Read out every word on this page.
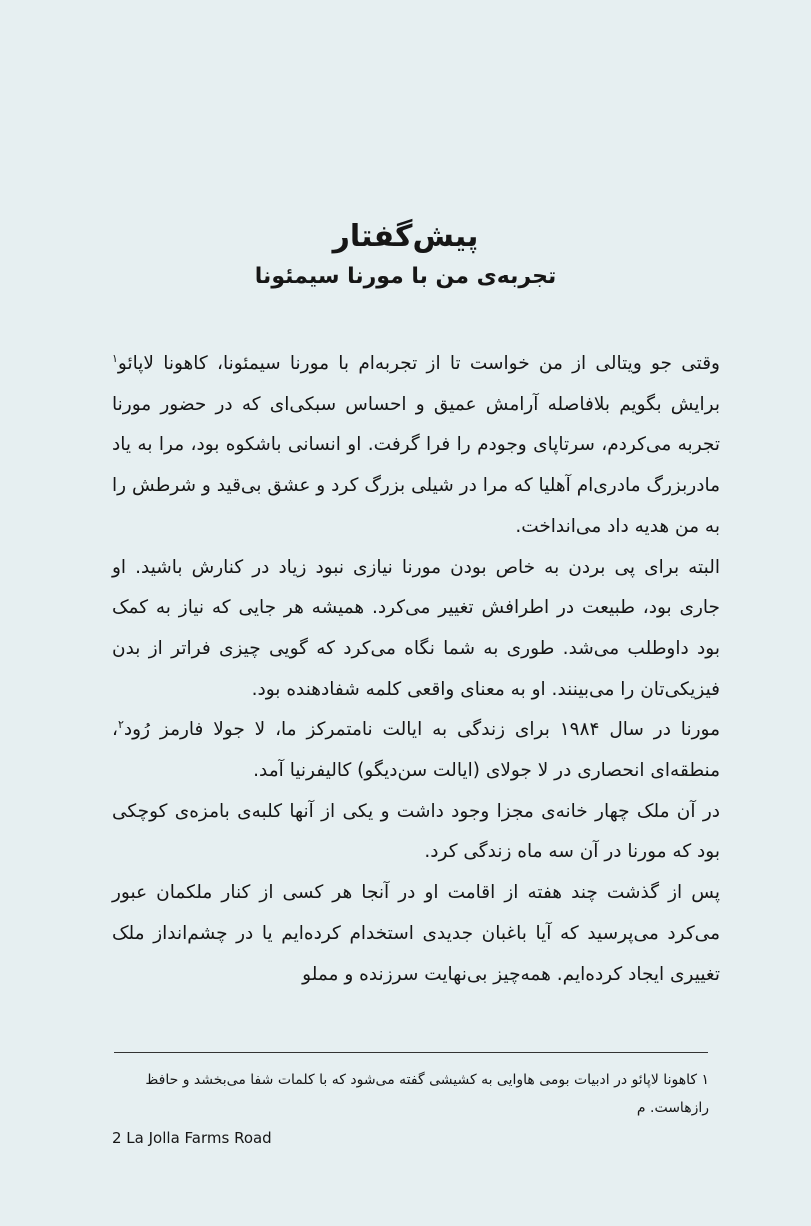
پیش‌گفتار
تجربه‌ی من با مورنا سیمئونا

وقتی جو ویتالی از من خواست تا از تجربه‌ام با مورنا سیمئونا، کاهونا لاپائو$^۱$ برایش بگویم بلافاصله آرامش عمیق و احساس سبکی‌ای که در حضور مورنا تجربه می‌کردم، سرتاپای وجودم را فرا گرفت. او انسانی باشکوه بود، مرا به یاد مادربزرگ مادری‌ام آهلیا که مرا در شیلی بزرگ کرد و عشق بی‌قید و شرطش را به من هدیه داد می‌انداخت.

البته برای پی بردن به خاص بودن مورنا نیازی نبود زیاد در کنارش باشید. او جاری بود، طبیعت در اطرافش تغییر می‌کرد. همیشه هر جایی که نیاز به کمک بود داوطلب می‌شد. طوری به شما نگاه می‌کرد که گویی چیزی فراتر از بدن فیزیکی‌تان را می‌بینند. او به معنای واقعی کلمه شفادهنده بود.

مورنا در سال ۱۹۸۴ برای زندگی به ایالت نامتمرکز ما، لا جولا فارمز رُود$^۲$، منطقه‌ای انحصاری در لا جولای (ایالت سن‌دیگو) کالیفرنیا آمد.

در آن ملک چهار خانه‌ی مجزا وجود داشت و یکی از آنها کلبه‌ی بامزه‌ی کوچکی بود که مورنا در آن سه ماه زندگی کرد.

پس از گذشت چند هفته از اقامت او در آنجا هر کسی از کنار ملکمان عبور می‌کرد می‌پرسید که آیا باغبان جدیدی استخدام کرده‌ایم یا در چشم‌انداز ملک تغییری ایجاد کرده‌ایم. همه‌چیز بی‌نهایت سرزنده و مملو

۱ کاهونا لاپائو در ادبیات بومی هاوایی به کشیشی گفته می‌شود که با کلمات شفا می‌بخشد و حافظ رازهاست. م

2 La Jolla Farms Road
